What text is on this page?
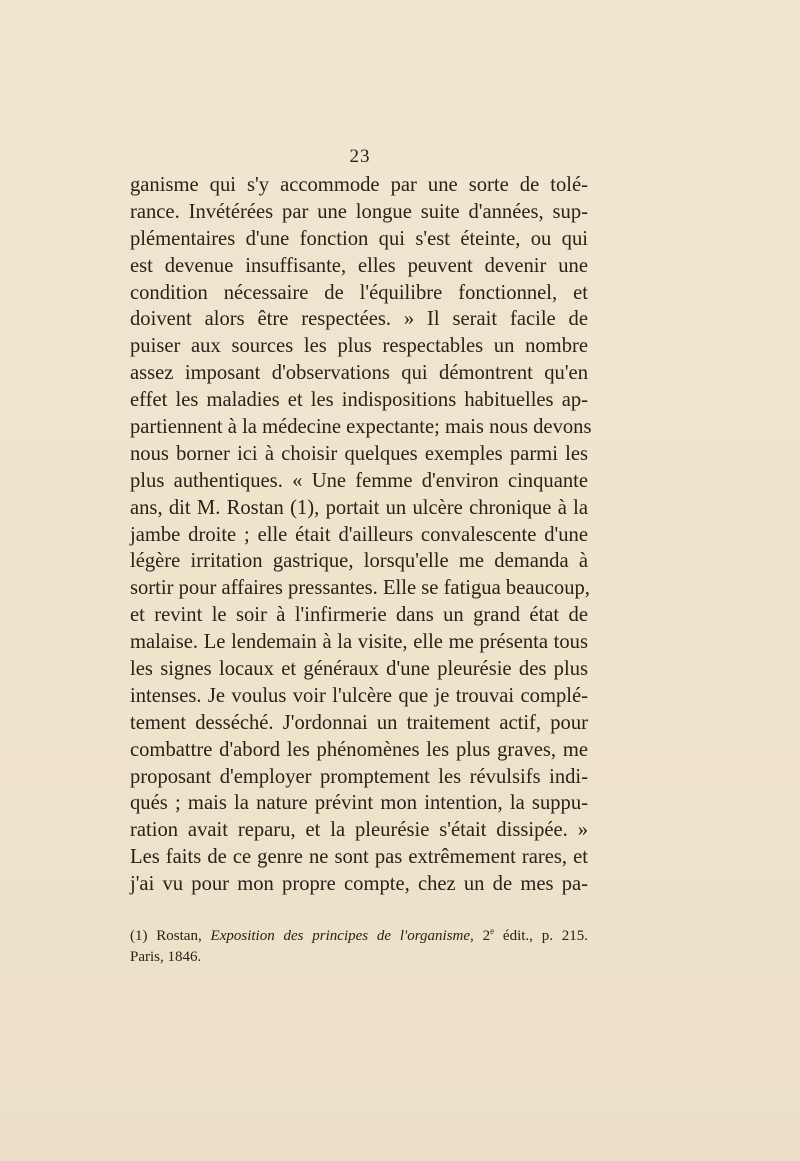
23
ganisme qui s'y accommode par une sorte de tolé-
rance. Invétérées par une longue suite d'années, sup-
plémentaires d'une fonction qui s'est éteinte, ou qui
est devenue insuffisante, elles peuvent devenir une
condition nécessaire de l'équilibre fonctionnel, et
doivent alors être respectées. » Il serait facile de
puiser aux sources les plus respectables un nombre
assez imposant d'observations qui démontrent qu'en
effet les maladies et les indispositions habituelles ap-
partiennent à la médecine expectante; mais nous devons
nous borner ici à choisir quelques exemples parmi les
plus authentiques. « Une femme d'environ cinquante
ans, dit M. Rostan (1), portait un ulcère chronique à la
jambe droite ; elle était d'ailleurs convalescente d'une
légère irritation gastrique, lorsqu'elle me demanda à
sortir pour affaires pressantes. Elle se fatigua beaucoup,
et revint le soir à l'infirmerie dans un grand état de
malaise. Le lendemain à la visite, elle me présenta tous
les signes locaux et généraux d'une pleurésie des plus
intenses. Je voulus voir l'ulcère que je trouvai complé-
tement desséché. J'ordonnai un traitement actif, pour
combattre d'abord les phénomènes les plus graves, me
proposant d'employer promptement les révulsifs indi-
qués ; mais la nature prévint mon intention, la suppu-
ration avait reparu, et la pleurésie s'était dissipée. »
Les faits de ce genre ne sont pas extrêmement rares, et
j'ai vu pour mon propre compte, chez un de mes pa-
(1) Rostan, Exposition des principes de l'organisme, 2e édit., p. 215.
Paris, 1846.
